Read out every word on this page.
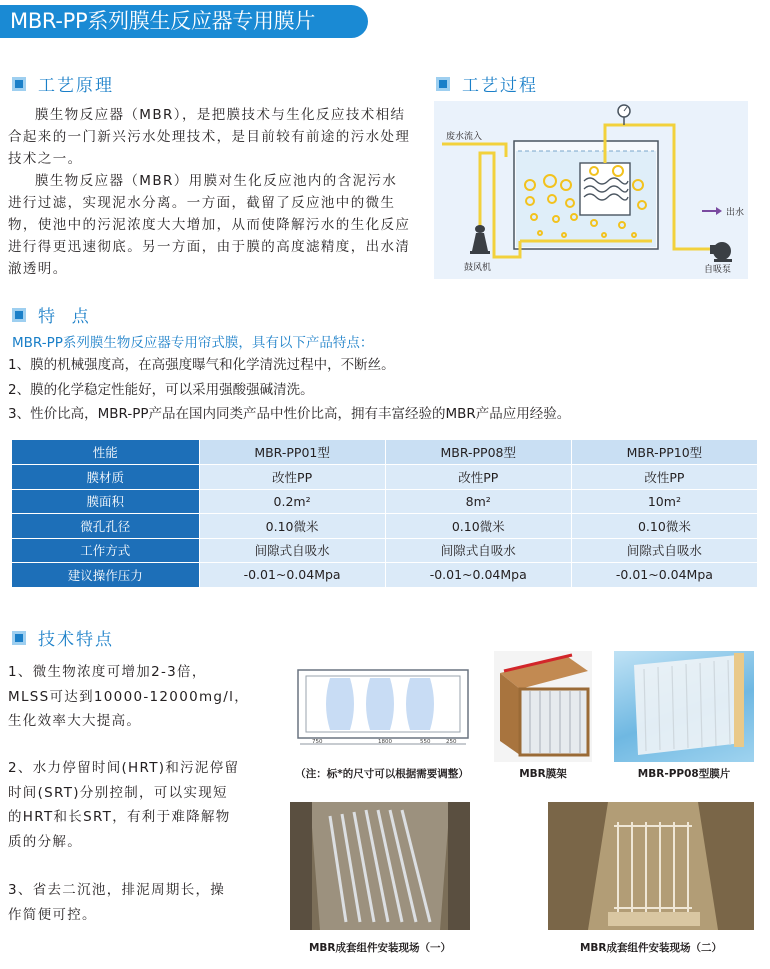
MBR-PP系列膜生反应器专用膜片
工艺原理

膜生物反应器（MBR），是把膜技术与生化反应技术相结合起来的一门新兴污水处理技术，是目前较有前途的污水处理技术之一。

膜生物反应器（MBR）用膜对生化反应池内的含泥污水进行过滤，实现泥水分离。一方面，截留了反应池中的微生物，使池中的污泥浓度大大增加，从而使降解污水的生化反应进行得更迅速彻底。另一方面，由于膜的高度滤精度，出水清澈透明。

工艺过程
废水流入
出水
鼓风机	自吸泵
特  点
MBR-PP系列膜生物反应器专用帘式膜，具有以下产品特点：
1、膜的机械强度高，在高强度曝气和化学清洗过程中，不断丝。
2、膜的化学稳定性能好，可以采用强酸强碱清洗。
3、性价比高，MBR-PP产品在国内同类产品中性价比高，拥有丰富经验的MBR产品应用经验。
性能	MBR-PP01型	MBR-PP08型	MBR-PP10型
膜材质	改性PP	改性PP	改性PP
膜面积	0.2m²	8m²	10m²
微孔孔径	0.10微米	0.10微米	0.10微米
工作方式	间隙式自吸水	间隙式自吸水	间隙式自吸水
建议操作压力	-0.01~0.04Mpa	-0.01~0.04Mpa	-0.01~0.04Mpa
技术特点
1、微生物浓度可增加2-3倍，
MLSS可达到10000-12000mg/l，
生化效率大大提高。
2、水力停留时间(HRT)和污泥停留
时间(SRT)分别控制，可以实现短
的HRT和长SRT，有利于难降解物
质的分解。
3、省去二沉池，排泥周期长，操
作简便可控。
750	1800	550	250
（注：标*的尺寸可以根据需要调整）	MBR膜架	MBR-PP08型膜片
MBR成套组件安装现场（一）	MBR成套组件安装现场（二）
